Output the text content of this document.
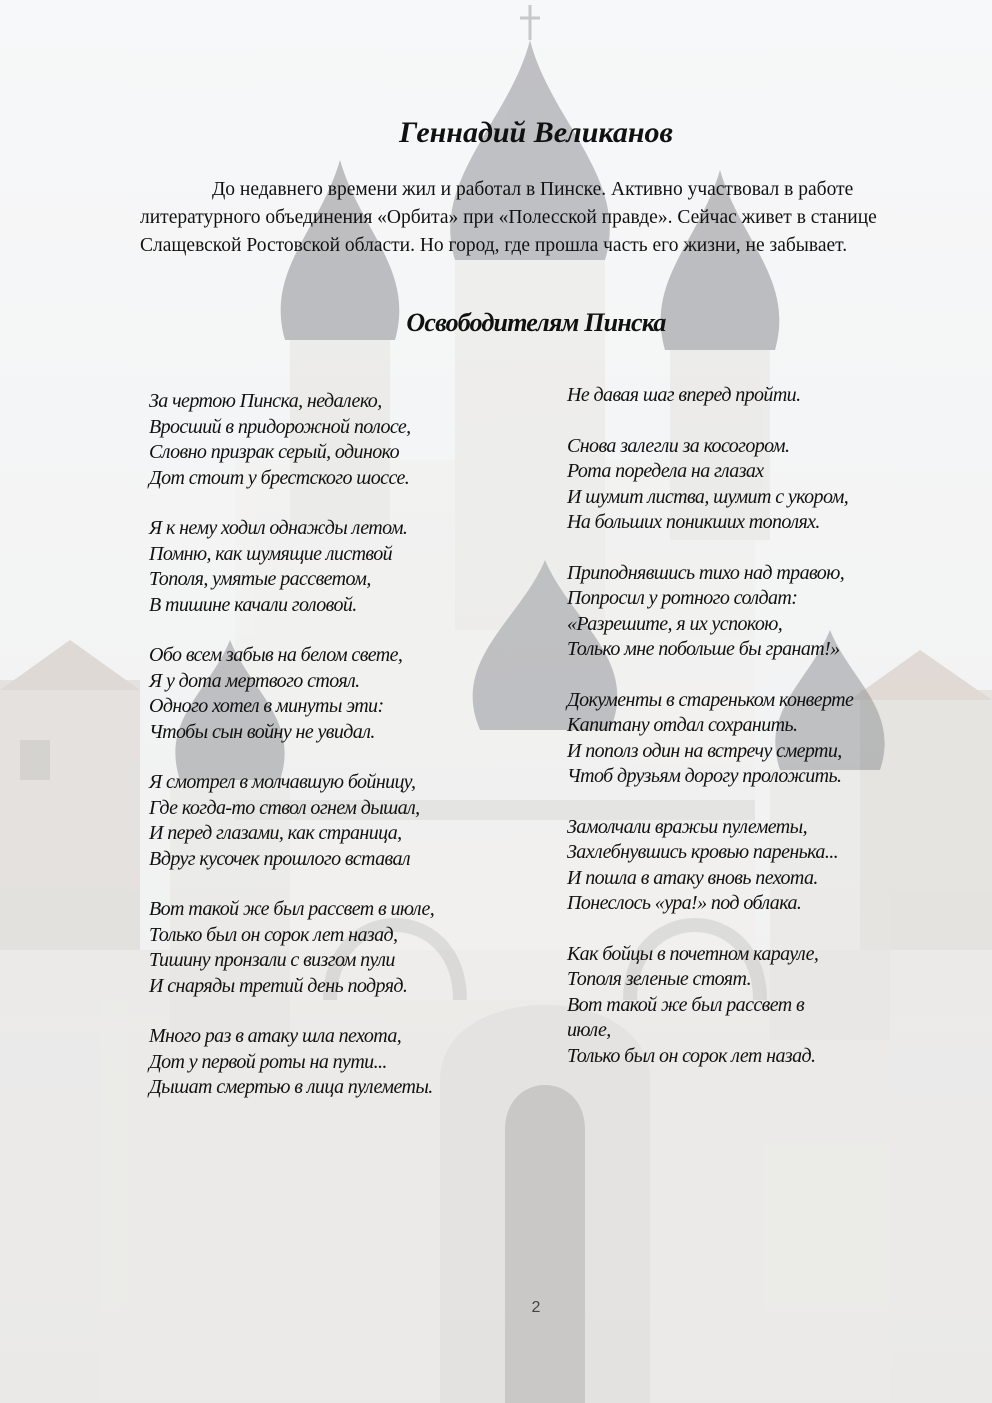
Геннадий Великанов

До недавнего времени жил и работал в Пинске. Активно участвовал в работе литературного объединения «Орбита» при «Полесской правде». Сейчас живет в станице Слащевской Ростовской области. Но город, где прошла часть его жизни, не забывает.

Освободителям Пинска
За чертою Пинска, недалеко,
Вросший в придорожной полосе,
Словно призрак серый, одиноко
Дот стоит у брестского шоссе.
Я к нему ходил однажды летом.
Помню, как шумящие листвой
Тополя, умятые рассветом,
В тишине качали головой.
Обо всем забыв на белом свете,
Я у дота мертвого стоял.
Одного хотел в минуты эти:
Чтобы сын войну не увидал.
Я смотрел в молчавшую бойницу,
Где когда-то ствол огнем дышал,
И перед глазами, как страница,
Вдруг кусочек прошлого вставал
Вот такой же был рассвет в июле,
Только был он сорок лет назад,
Тишину пронзали с визгом пули
И снаряды третий день подряд.
Много раз в атаку шла пехота,
Дот у первой роты на пути...
Дышат смертью в лица пулеметы.
Не давая шаг вперед пройти.
Снова залегли за косогором.
Рота поредела на глазах
И шумит листва, шумит с укором,
На больших поникших тополях.
Приподнявшись тихо над травою,
Попросил у ротного солдат:
«Разрешите, я их успокою,
Только мне побольше бы гранат!»
Документы в стареньком конверте
Капитану отдал сохранить.
И пополз один на встречу смерти,
Чтоб друзьям дорогу проложить.
Замолчали вражьи пулеметы,
Захлебнувшись кровью паренька...
И пошла в атаку вновь пехота.
Понеслось «ура!» под облака.
Как бойцы в почетном карауле,
Тополя зеленые стоят.
Вот такой же был рассвет в
июле,
Только был он сорок лет назад.
2
